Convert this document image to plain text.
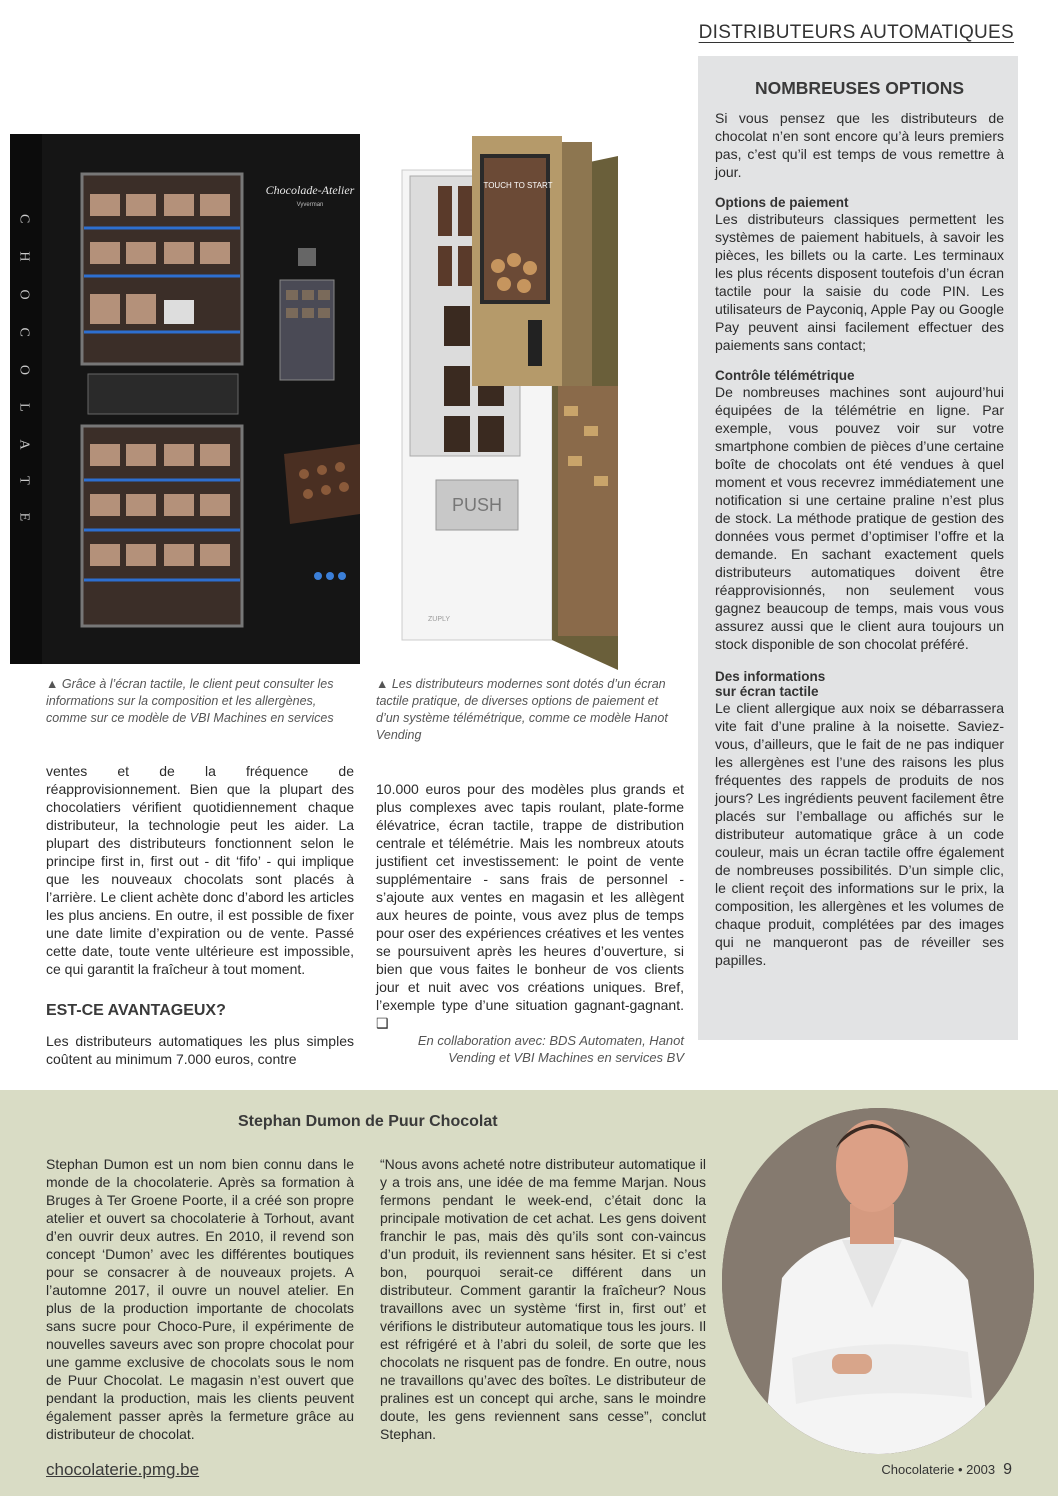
DISTRIBUTEURS AUTOMATIQUES
Chocolade-Atelier
Vyverman
CHOCOLATE	PUSH
ZUPLY
TOUCH TO START
▲ Grâce à l’écran tactile, le client peut consulter les informations sur la composition et les allergènes, comme sur ce modèle de VBI Machines en services
▲ Les distributeurs modernes sont dotés d’un écran tactile pratique, de diverses options de paiement et d’un système télémétrique, comme ce modèle Hanot Vending

ventes et de la fréquence de réapprovisionnement. Bien que la plupart des chocolatiers vérifient quotidiennement chaque distributeur, la technologie peut les aider. La plupart des distributeurs fonctionnent selon le principe first in, first out - dit ‘fifo’ - qui implique que les nouveaux chocolats sont placés à l’arrière. Le client achète donc d’abord les articles les plus anciens. En outre, il est possible de fixer une date limite d’expiration ou de vente. Passé cette date, toute vente ultérieure est impossible, ce qui garantit la fraîcheur à tout moment.

EST-CE AVANTAGEUX?
Les distributeurs automatiques les plus simples coûtent au minimum 7.000 euros, contre
10.000 euros pour des modèles plus grands et plus complexes avec tapis roulant, plate-forme élévatrice, écran tactile, trappe de distribution centrale et télémétrie. Mais les nombreux atouts justifient cet investissement: le point de vente supplémentaire - sans frais de personnel - s’ajoute aux ventes en magasin et les allègent aux heures de pointe, vous avez plus de temps pour oser des expériences créatives et les ventes se poursuivent après les heures d’ouverture, si bien que vous faites le bonheur de vos clients jour et nuit avec vos créations uniques. Bref, l’exemple type d’une situation gagnant-gagnant. ❑
En collaboration avec: BDS Automaten, Hanot Vending et VBI Machines en services BV
NOMBREUSES OPTIONS

Si vous pensez que les distributeurs de chocolat n’en sont encore qu’à leurs premiers pas, c’est qu’il est temps de vous remettre à jour.

Options de paiement

Les distributeurs classiques permettent les systèmes de paiement habituels, à savoir les pièces, les billets ou la carte. Les terminaux les plus récents disposent toutefois d’un écran tactile pour la saisie du code PIN. Les utilisateurs de Payconiq, Apple Pay ou Google Pay peuvent ainsi facilement effectuer des paiements sans contact;

Contrôle télémétrique

De nombreuses machines sont aujourd’hui équipées de la télémétrie en ligne. Par exemple, vous pouvez voir sur votre smartphone combien de pièces d’une certaine boîte de chocolats ont été vendues à quel moment et vous recevrez immédiatement une notification si une certaine praline n’est plus de stock. La méthode pratique de gestion des données vous permet d’optimiser l’offre et la demande. En sachant exactement quels distributeurs automatiques doivent être réapprovisionnés, non seulement vous gagnez beaucoup de temps, mais vous vous assurez aussi que le client aura toujours un stock disponible de son chocolat préféré.

Des informations
sur écran tactile

Le client allergique aux noix se débarrassera vite fait d’une praline à la noisette. Saviez-vous, d’ailleurs, que le fait de ne pas indiquer les allergènes est l’une des raisons les plus fréquentes des rappels de produits de nos jours? Les ingrédients peuvent facilement être placés sur l’emballage ou affichés sur le distributeur automatique grâce à un code couleur, mais un écran tactile offre également de nombreuses possibilités. D’un simple clic, le client reçoit des informations sur le prix, la composition, les allergènes et les volumes de chaque produit, complétées par des images qui ne manqueront pas de réveiller ses papilles.

Stephan Dumon de Puur Chocolat
Stephan Dumon est un nom bien connu dans le monde de la chocolaterie. Après sa formation à Bruges à Ter Groene Poorte, il a créé son propre atelier et ouvert sa chocolaterie à Torhout, avant d’en ouvrir deux autres. En 2010, il revend son concept ‘Dumon’ avec les différentes boutiques pour se consacrer à de nouveaux projets. A l’automne 2017, il ouvre un nouvel atelier. En plus de la production importante de chocolats sans sucre pour Choco-Pure, il expérimente de nouvelles saveurs avec son propre chocolat pour une gamme exclusive de chocolats sous le nom de Puur Chocolat. Le magasin n’est ouvert que pendant la production, mais les clients peuvent également passer après la fermeture grâce au distributeur de chocolat.
“Nous avons acheté notre distributeur automatique il y a trois ans, une idée de ma femme Marjan. Nous fermons pendant le week-end, c’était donc la principale motivation de cet achat. Les gens doivent franchir le pas, mais dès qu’ils sont con-vaincus d’un produit, ils reviennent sans hésiter. Et si c’est bon, pourquoi serait-ce différent dans un distributeur. Comment garantir la fraîcheur? Nous travaillons avec un système ‘first in, first out’ et vérifions le distributeur automatique tous les jours. Il est réfrigéré et à l’abri du soleil, de sorte que les chocolats ne risquent pas de fondre. En outre, nous ne travaillons qu’avec des boîtes. Le distributeur de pralines est un concept qui arche, sans le moindre doute, les gens reviennent sans cesse”, conclut Stephan.
chocolaterie.pmg.be	Chocolaterie • 2003 9
